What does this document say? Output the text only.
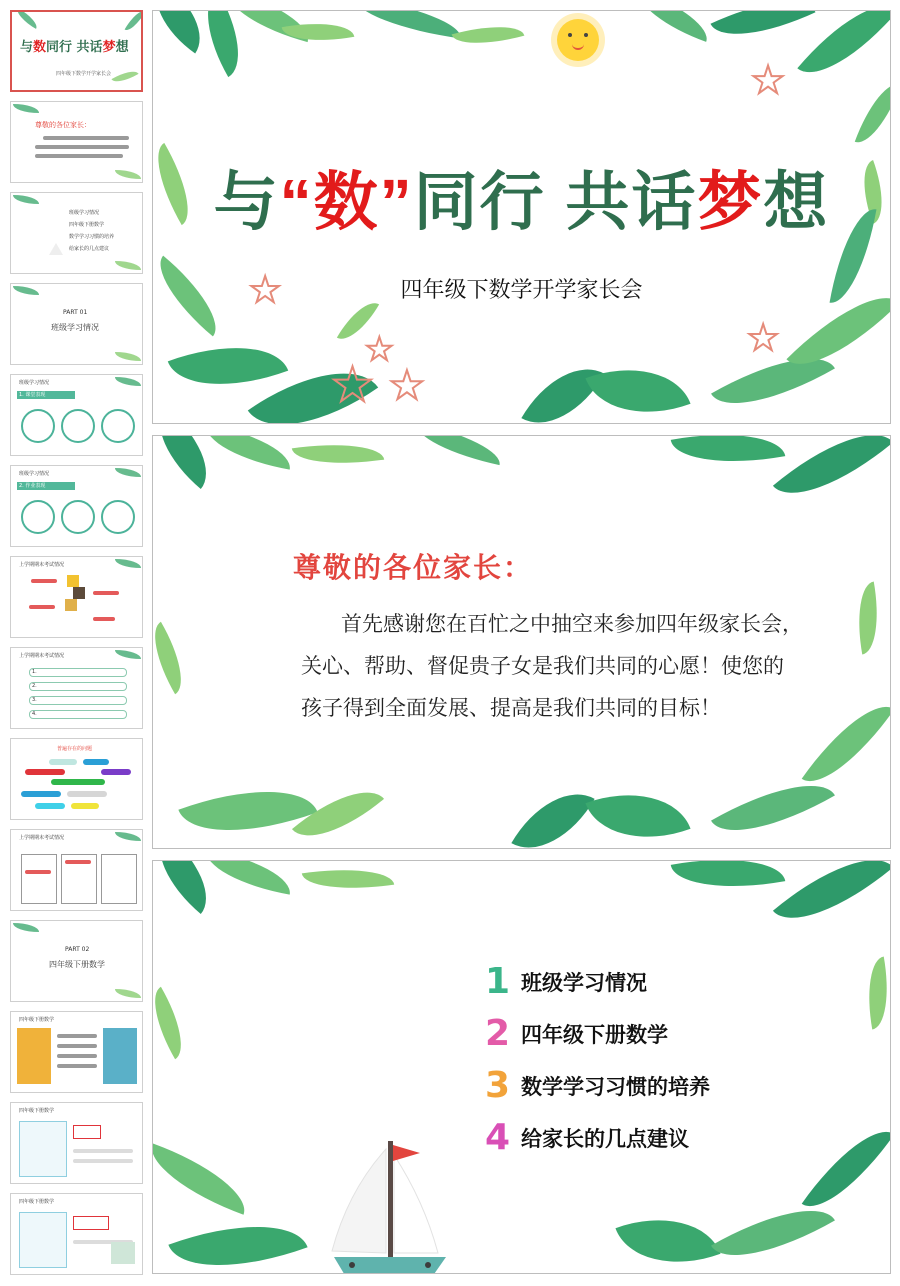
与数同行 共话梦想
四年级下数学开学家长会
尊敬的各位家长：
班级学习情况
四年级下册数学
数学学习习惯的培养
给家长的几点建议
PART 01
班级学习情况
班级学习情况
1. 课堂表现
班级学习情况
2. 作业表现
上学期期末考试情况
上学期期末考试情况
1.
2.
3.
4.
普遍存在的问题
上学期期末考试情况
PART 02
四年级下册数学
四年级下册数学
四年级下册数学
四年级下册数学
★
★
★
★ ★
★
与“数”同行 共话梦想
四年级下数学开学家长会
尊敬的各位家长：

首先感谢您在百忙之中抽空来参加四年级家长会，

关心、帮助、督促贵子女是我们共同的心愿！使您的

孩子得到全面发展、提高是我们共同的目标！

1 班级学习情况
2 四年级下册数学
3 数学学习习惯的培养
4 给家长的几点建议
